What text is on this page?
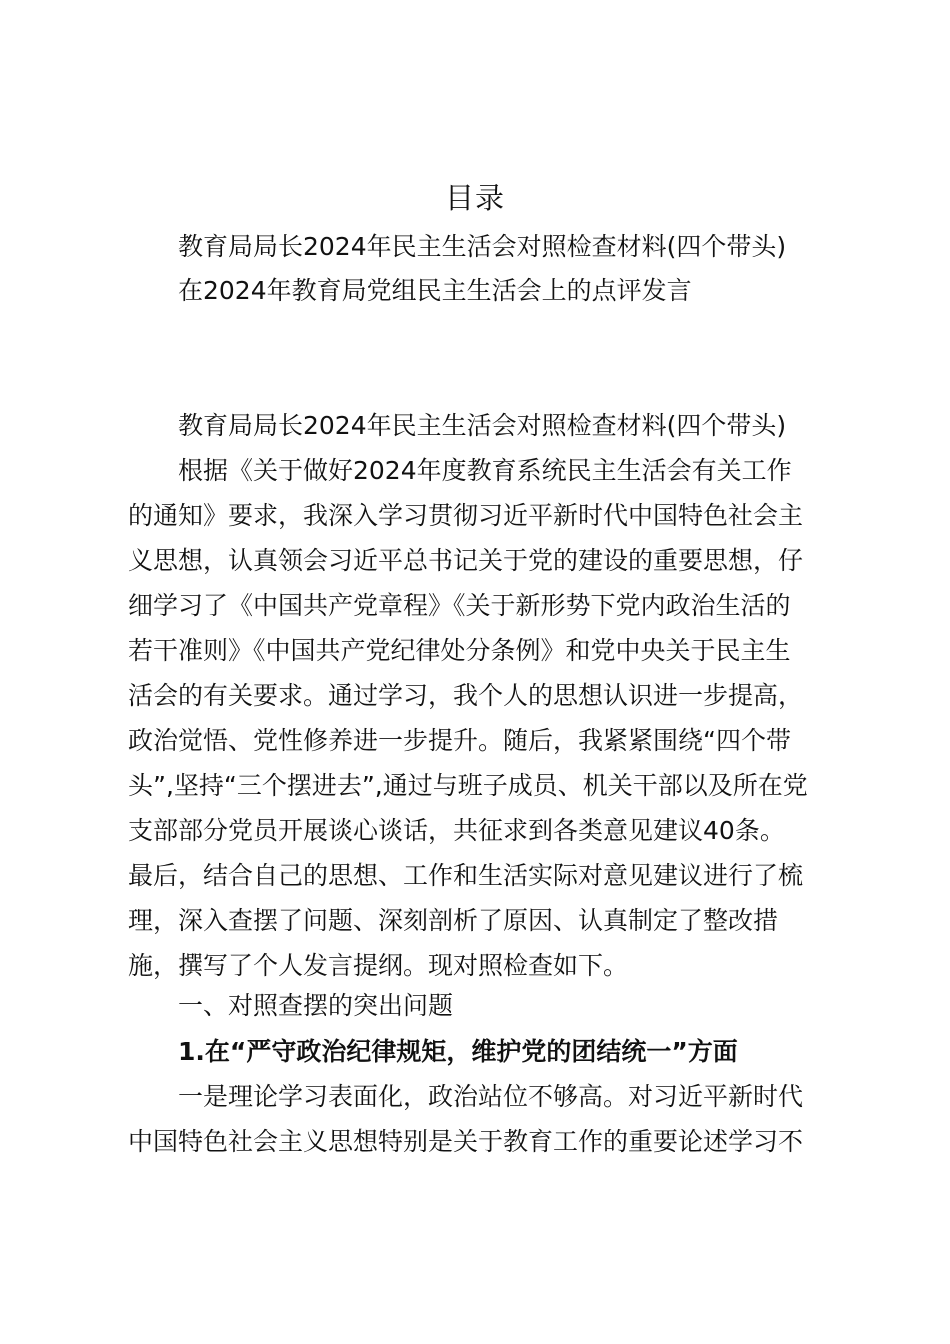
目录
教育局局长2024年民主生活会对照检查材料(四个带头)
在2024年教育局党组民主生活会上的点评发言
教育局局长2024年民主生活会对照检查材料(四个带头)
根据《关于做好2024年度教育系统民主生活会有关工作
的通知》要求，我深入学习贯彻习近平新时代中国特色社会主
义思想，认真领会习近平总书记关于党的建设的重要思想，仔
细学习了《中国共产党章程》《关于新形势下党内政治生活的
若干准则》《中国共产党纪律处分条例》和党中央关于民主生
活会的有关要求。通过学习，我个人的思想认识进一步提高，
政治觉悟、党性修养进一步提升。随后，我紧紧围绕“四个带
头”,坚持“三个摆进去”,通过与班子成员、机关干部以及所在党
支部部分党员开展谈心谈话，共征求到各类意见建议40条。
最后，结合自己的思想、工作和生活实际对意见建议进行了梳
理，深入查摆了问题、深刻剖析了原因、认真制定了整改措
施，撰写了个人发言提纲。现对照检查如下。
一、对照查摆的突出问题
1.在“严守政治纪律规矩，维护党的团结统一”方面
一是理论学习表面化，政治站位不够高。对习近平新时代
中国特色社会主义思想特别是关于教育工作的重要论述学习不
